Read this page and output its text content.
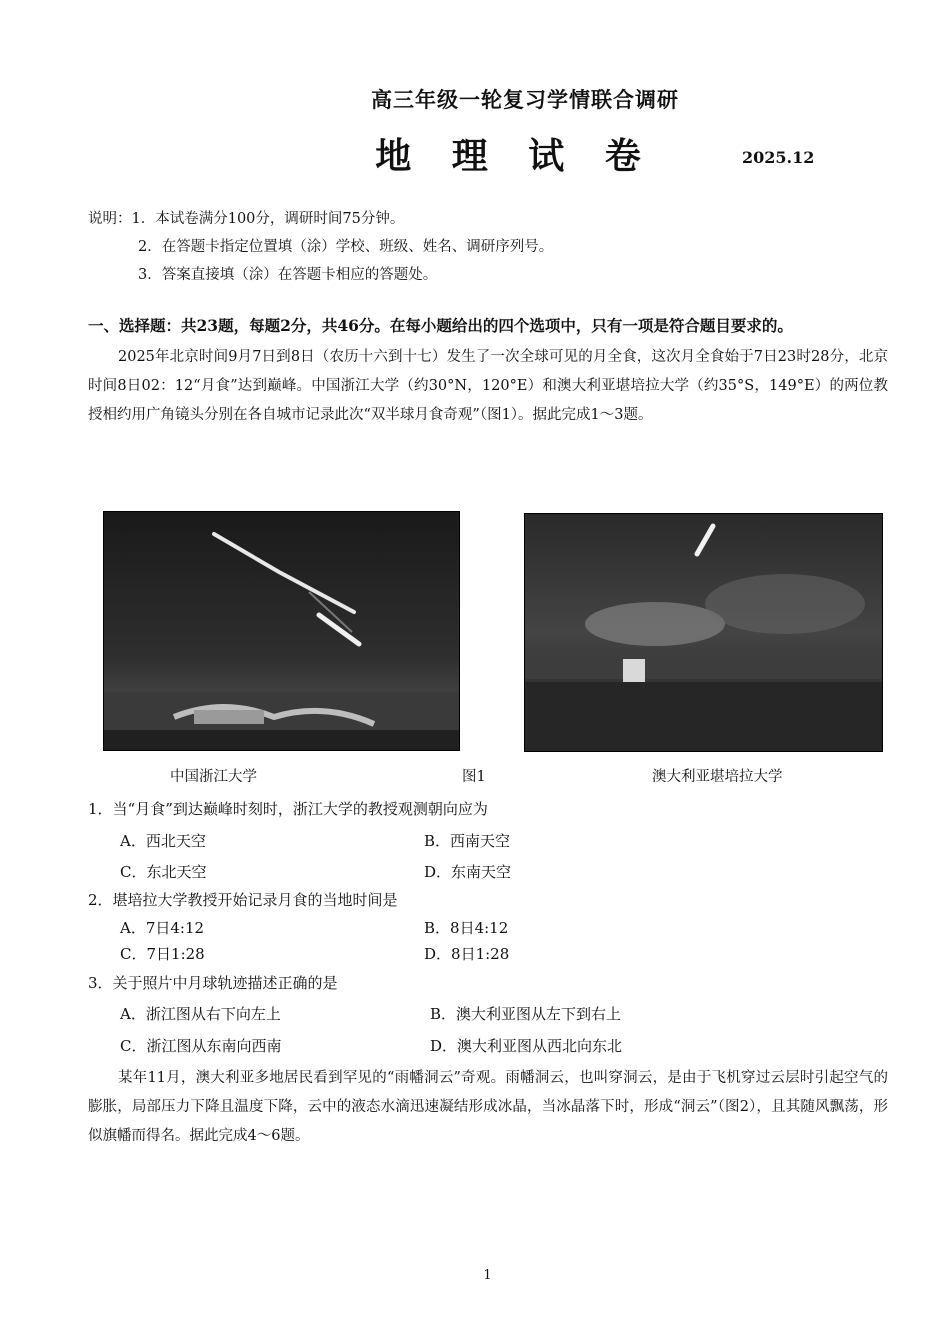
高三年级一轮复习学情联合调研
地 理 试 卷	2025.12
说明：1．本试卷满分100分，调研时间75分钟。
2．在答题卡指定位置填（涂）学校、班级、姓名、调研序列号。
3．答案直接填（涂）在答题卡相应的答题处。
一、选择题：共23题，每题2分，共46分。在每小题给出的四个选项中，只有一项是符合题目要求的。

2025年北京时间9月7日到8日（农历十六到十七）发生了一次全球可见的月全食，这次月全食始于7日23时28分，北京时间8日02：12“月食”达到巅峰。中国浙江大学（约30°N，120°E）和澳大利亚堪培拉大学（约35°S，149°E）的两位教授相约用广角镜头分别在各自城市记录此次“双半球月食奇观”（图1）。据此完成1～3题。

中国浙江大学	图1	澳大利亚堪培拉大学
1．当“月食”到达巅峰时刻时，浙江大学的教授观测朝向应为
A．西北天空	B．西南天空
C．东北天空	D．东南天空
2．堪培拉大学教授开始记录月食的当地时间是
A．7日4:12	B．8日4:12
C．7日1:28	D．8日1:28
3．关于照片中月球轨迹描述正确的是
A．浙江图从右下向左上	B．澳大利亚图从左下到右上
C．浙江图从东南向西南	D．澳大利亚图从西北向东北

某年11月，澳大利亚多地居民看到罕见的“雨幡洞云”奇观。雨幡洞云，也叫穿洞云，是由于飞机穿过云层时引起空气的膨胀，局部压力下降且温度下降，云中的液态水滴迅速凝结形成冰晶，当冰晶落下时，形成“洞云”（图2），且其随风飘荡，形似旗幡而得名。据此完成4～6题。

1
